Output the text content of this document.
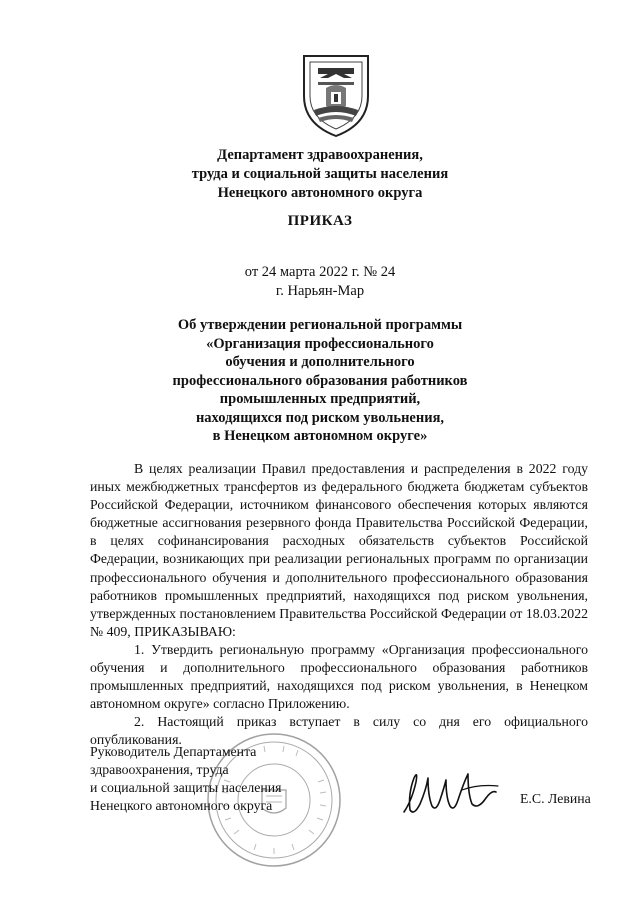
Департамент здравоохранения,
труда и социальной защиты населения
Ненецкого автономного округа
ПРИКАЗ
от 24 марта 2022 г. № 24
г. Нарьян-Мар
Об утверждении региональной программы
«Организация профессионального
обучения и дополнительного
профессионального образования работников
промышленных предприятий,
находящихся под риском увольнения,
в Ненецком автономном округе»

В целях реализации Правил предоставления и распределения в 2022 году иных межбюджетных трансфертов из федерального бюджета бюджетам субъектов Российской Федерации, источником финансового обеспечения которых являются бюджетные ассигнования резервного фонда Правительства Российской Федерации, в целях софинансирования расходных обязательств субъектов Российской Федерации, возникающих при реализации региональных программ по организации профессионального обучения и дополнительного профессионального образования работников промышленных предприятий, находящихся под риском увольнения, утвержденных постановлением Правительства Российской Федерации от 18.03.2022 № 409, ПРИКАЗЫВАЮ:

1. Утвердить региональную программу «Организация профессионального обучения и дополнительного профессионального образования работников промышленных предприятий, находящихся под риском увольнения, в Ненецком автономном округе» согласно Приложению.

2. Настоящий приказ вступает в силу со дня его официального опубликования.

Руководитель Департамента
здравоохранения, труда
и социальной защиты населения
Ненецкого автономного округа	Е.С. Левина
